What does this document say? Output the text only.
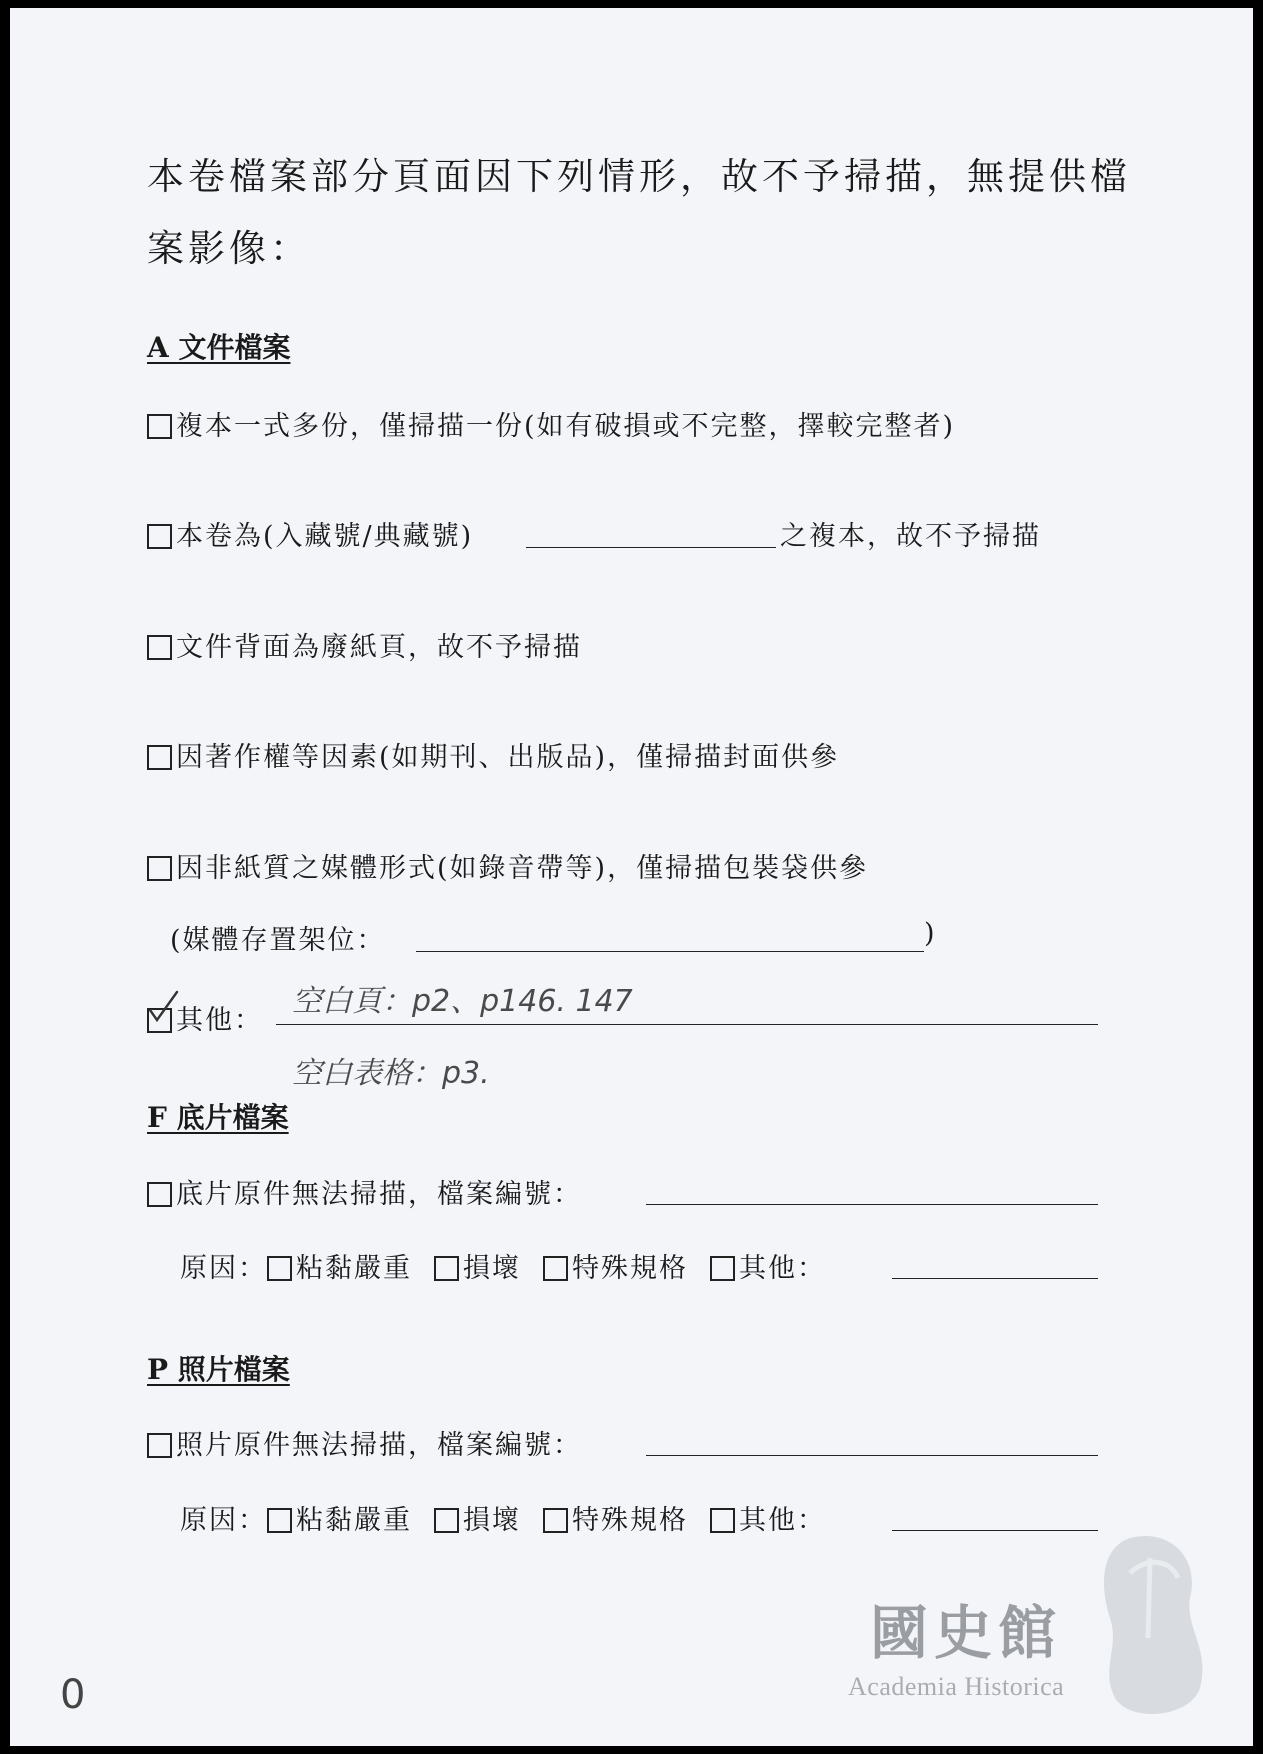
本卷檔案部分頁面因下列情形，故不予掃描，無提供檔
案影像：
A 文件檔案
複本一式多份，僅掃描一份(如有破損或不完整，擇較完整者)
本卷為(入藏號/典藏號)	之複本，故不予掃描
文件背面為廢紙頁，故不予掃描
因著作權等因素(如期刊、出版品)，僅掃描封面供參
因非紙質之媒體形式(如錄音帶等)，僅掃描包裝袋供參
(媒體存置架位：	)
其他：
空白頁：p2、p146. 147
空白表格：p3.
F 底片檔案
底片原件無法掃描，檔案編號：
原因： 粘黏嚴重 損壞 特殊規格 其他：
P 照片檔案
照片原件無法掃描，檔案編號：
原因： 粘黏嚴重 損壞 特殊規格 其他：
國史館
Academia Historica
0
